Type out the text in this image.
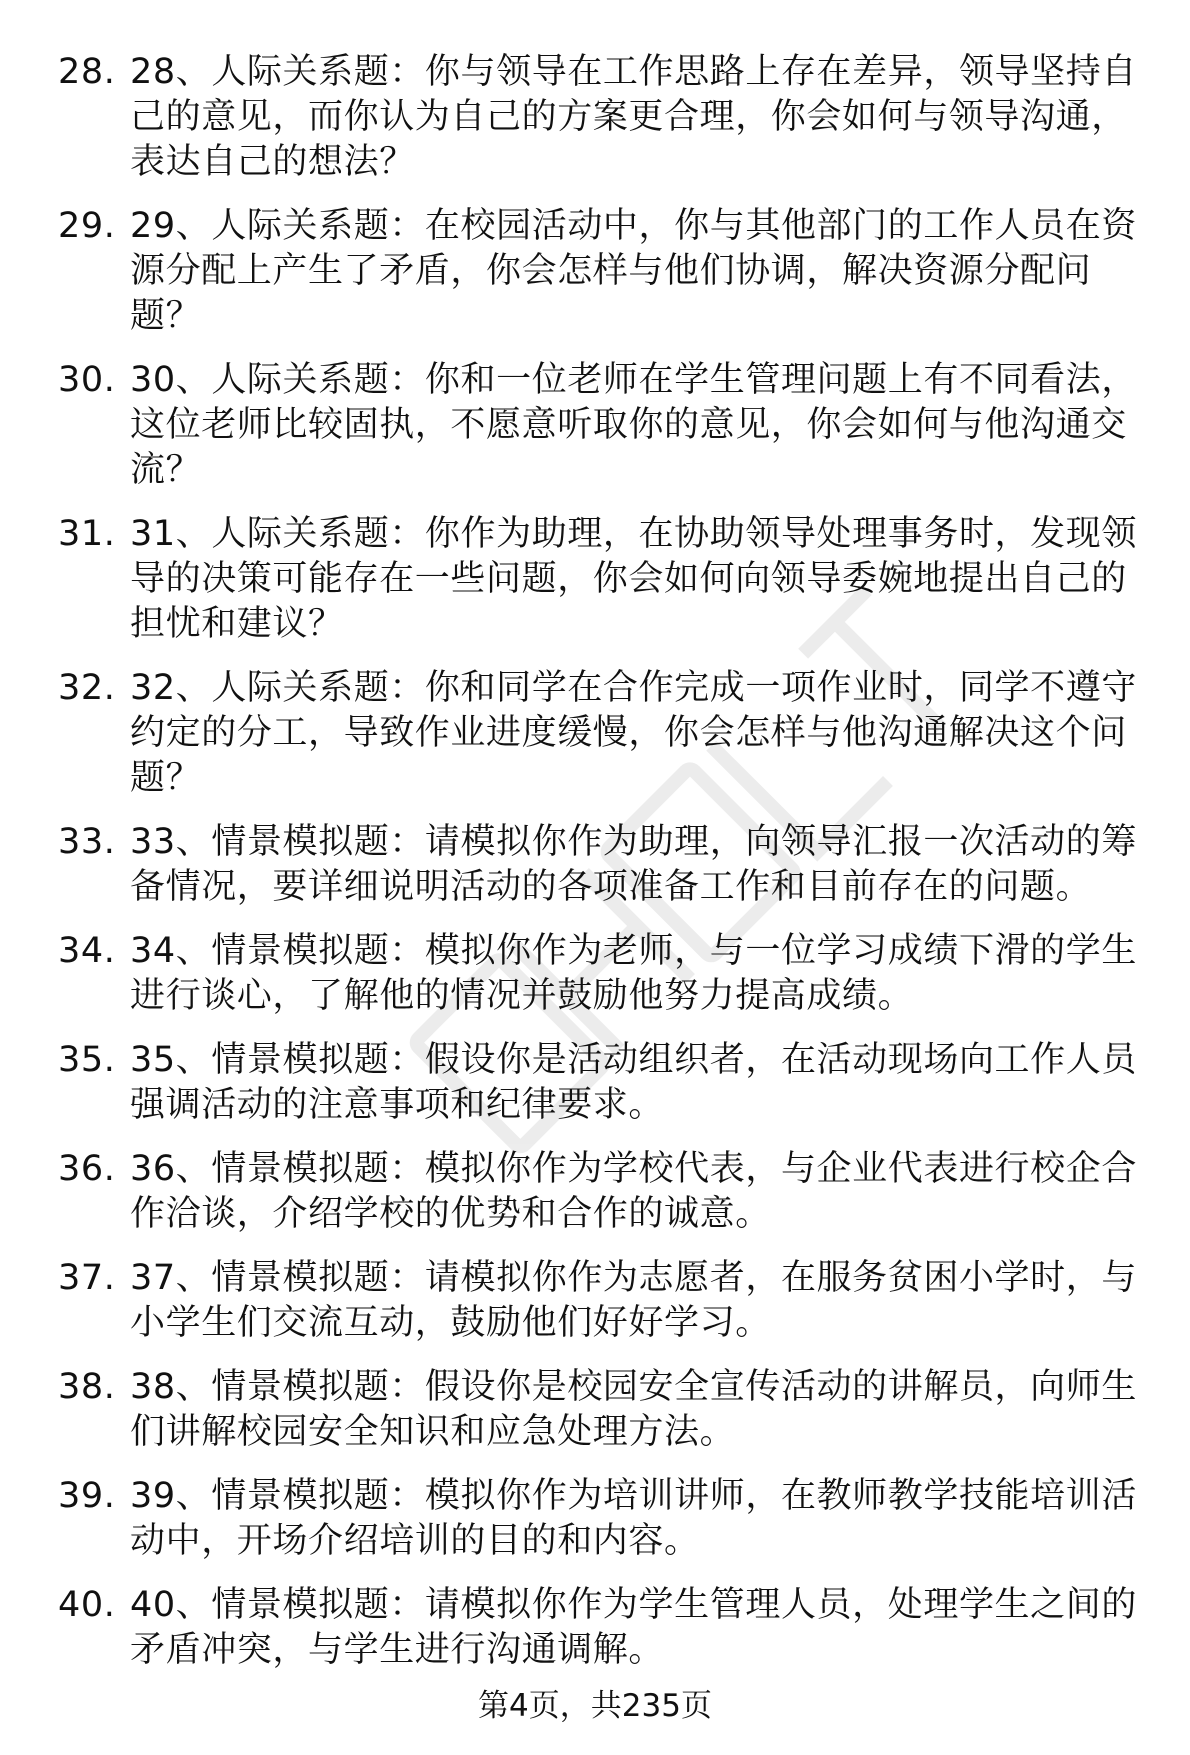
28. 28、人际关系题：你与领导在工作思路上存在差异，领导坚持自己的意见，而你认为自己的方案更合理，你会如何与领导沟通，表达自己的想法？
29. 29、人际关系题：在校园活动中，你与其他部门的工作人员在资源分配上产生了矛盾，你会怎样与他们协调，解决资源分配问题？
30. 30、人际关系题：你和一位老师在学生管理问题上有不同看法，这位老师比较固执，不愿意听取你的意见，你会如何与他沟通交流？
31. 31、人际关系题：你作为助理，在协助领导处理事务时，发现领导的决策可能存在一些问题，你会如何向领导委婉地提出自己的担忧和建议？
32. 32、人际关系题：你和同学在合作完成一项作业时，同学不遵守约定的分工，导致作业进度缓慢，你会怎样与他沟通解决这个问题？
33. 33、情景模拟题：请模拟你作为助理，向领导汇报一次活动的筹备情况，要详细说明活动的各项准备工作和目前存在的问题。
34. 34、情景模拟题：模拟你作为老师，与一位学习成绩下滑的学生进行谈心，了解他的情况并鼓励他努力提高成绩。
35. 35、情景模拟题：假设你是活动组织者，在活动现场向工作人员强调活动的注意事项和纪律要求。
36. 36、情景模拟题：模拟你作为学校代表，与企业代表进行校企合作洽谈，介绍学校的优势和合作的诚意。
37. 37、情景模拟题：请模拟你作为志愿者，在服务贫困小学时，与小学生们交流互动，鼓励他们好好学习。
38. 38、情景模拟题：假设你是校园安全宣传活动的讲解员，向师生们讲解校园安全知识和应急处理方法。
39. 39、情景模拟题：模拟你作为培训讲师，在教师教学技能培训活动中，开场介绍培训的目的和内容。
40. 40、情景模拟题：请模拟你作为学生管理人员，处理学生之间的矛盾冲突，与学生进行沟通调解。
第4页，共235页
